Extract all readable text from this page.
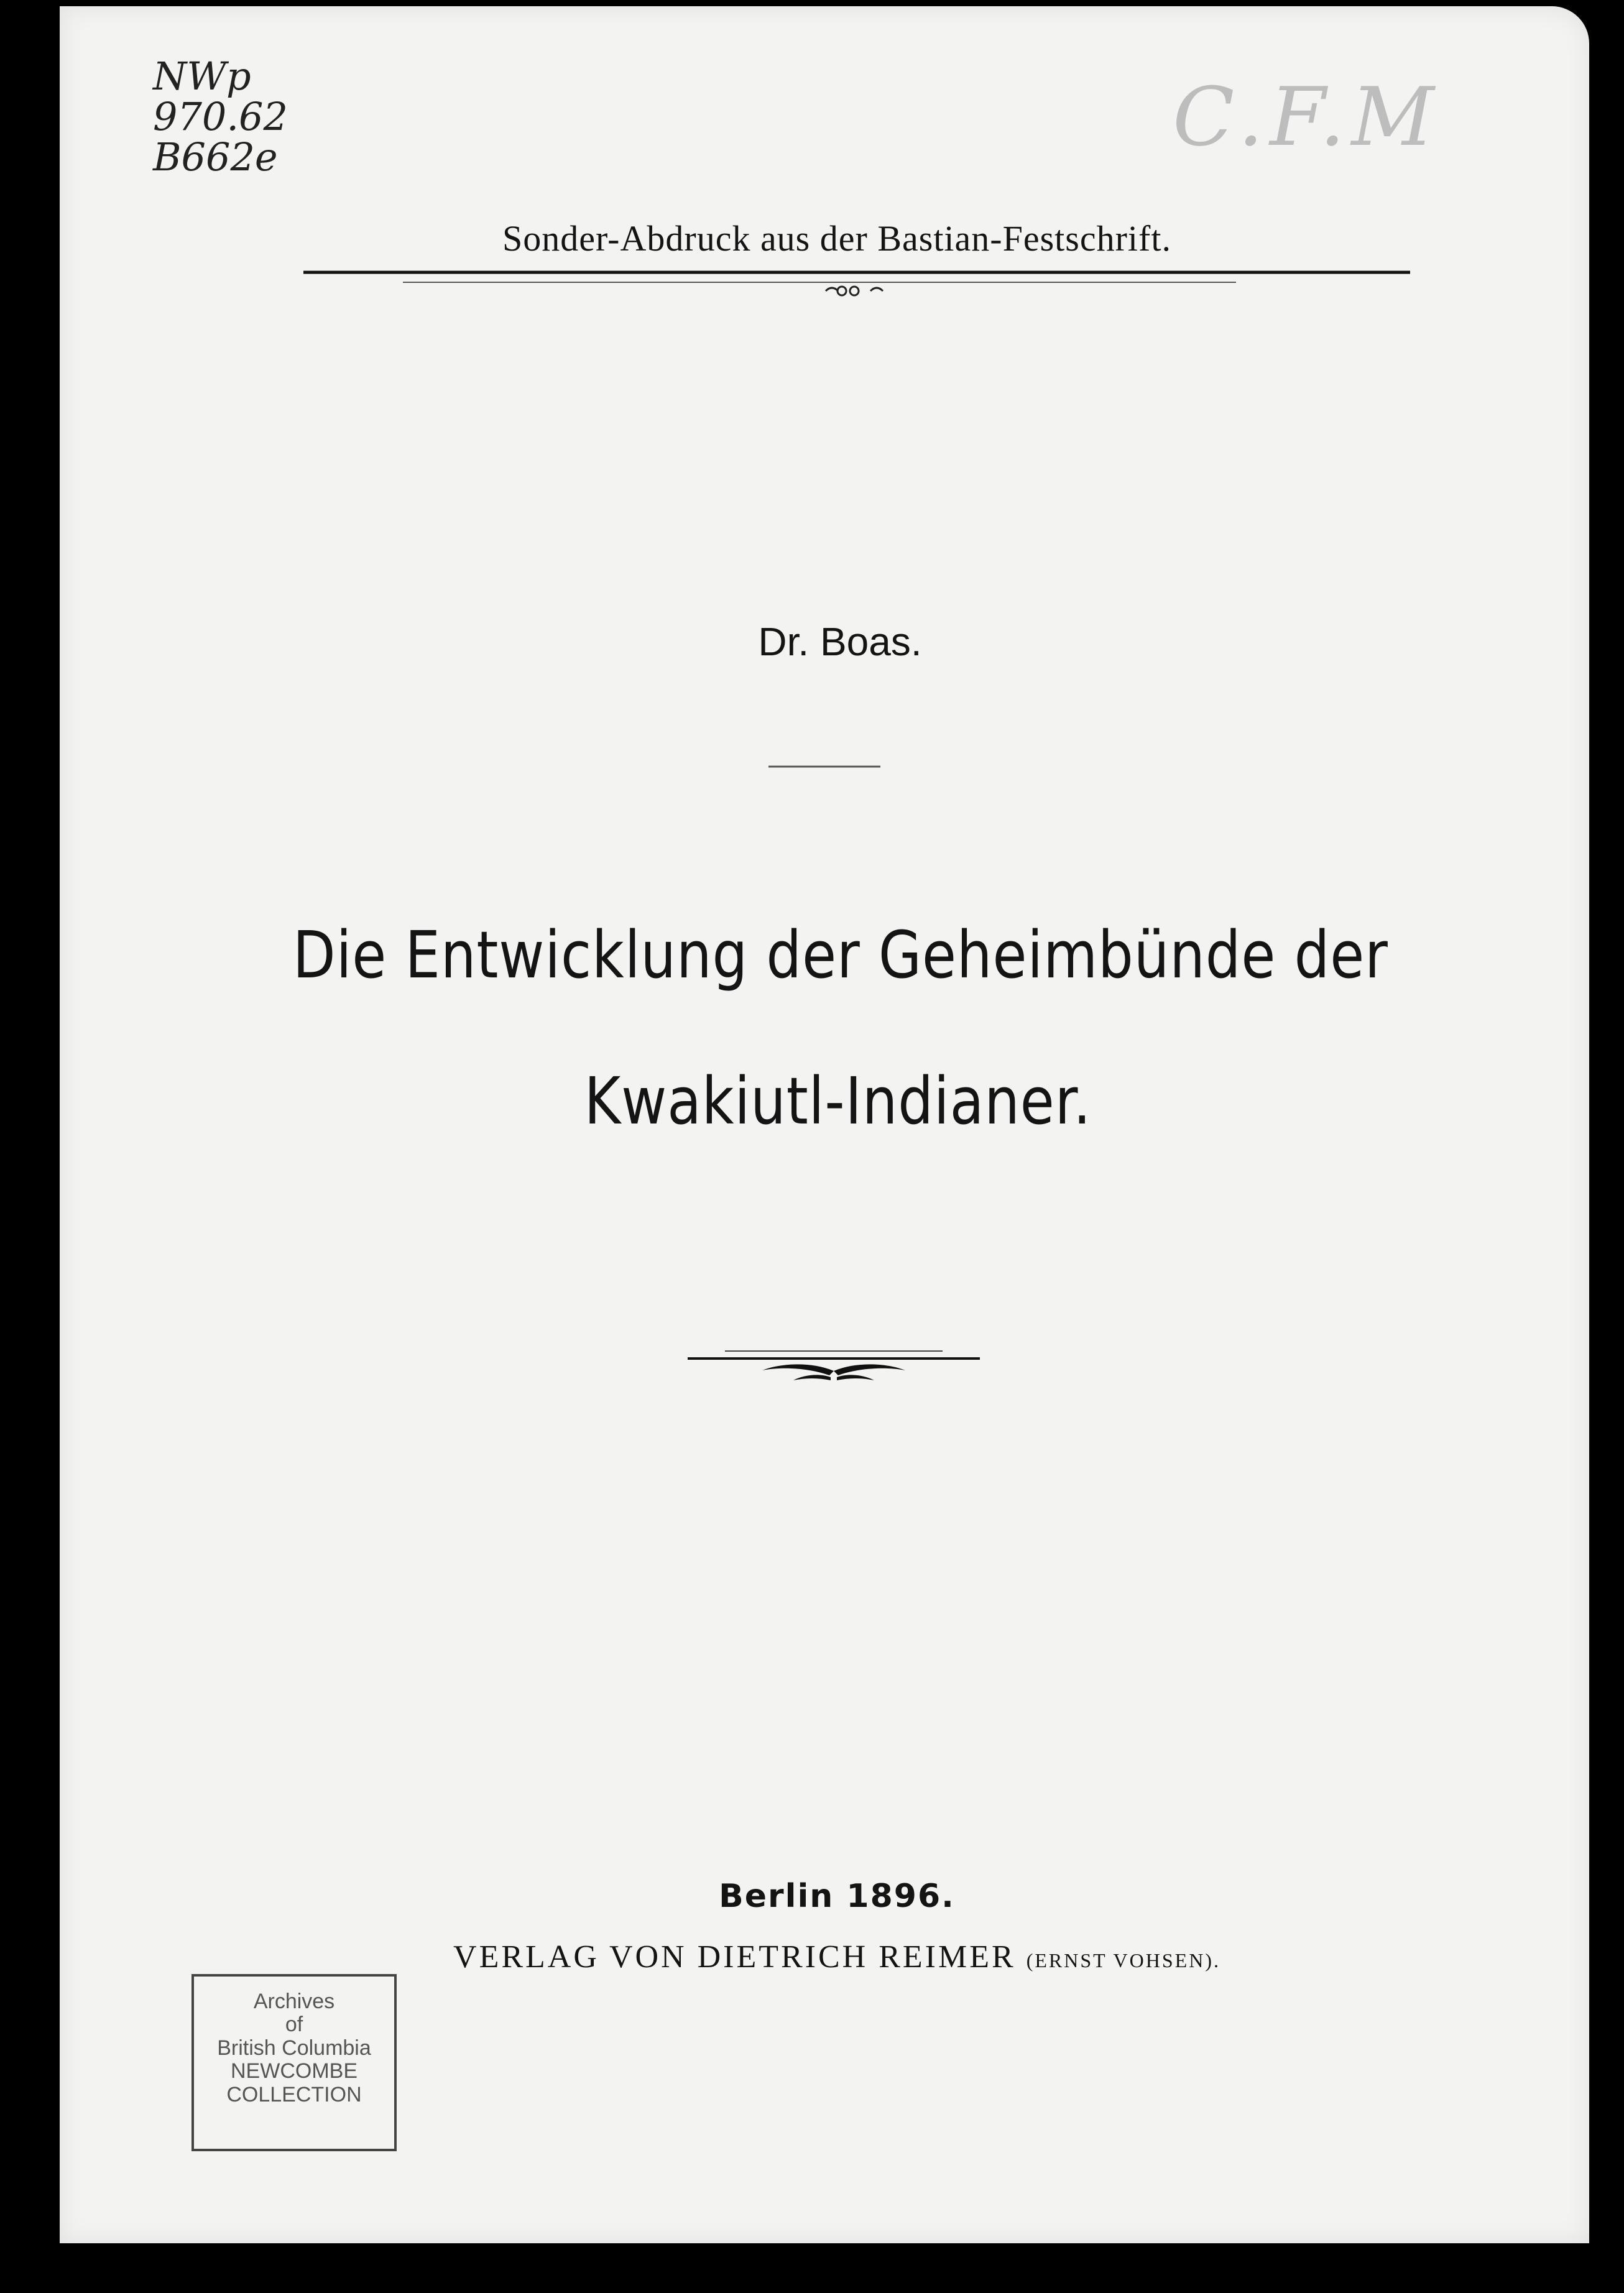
NWp
970.62
B662e	C.F.M
Sonder-Abdruck aus der Bastian-Festschrift.
Dr. Boas.
Die Entwicklung der Geheimbünde der
Kwakiutl-Indianer.
Berlin 1896.
VERLAG VON DIETRICH REIMER (ERNST VOHSEN).
Archives
of
British Columbia
NEWCOMBE
COLLECTION
